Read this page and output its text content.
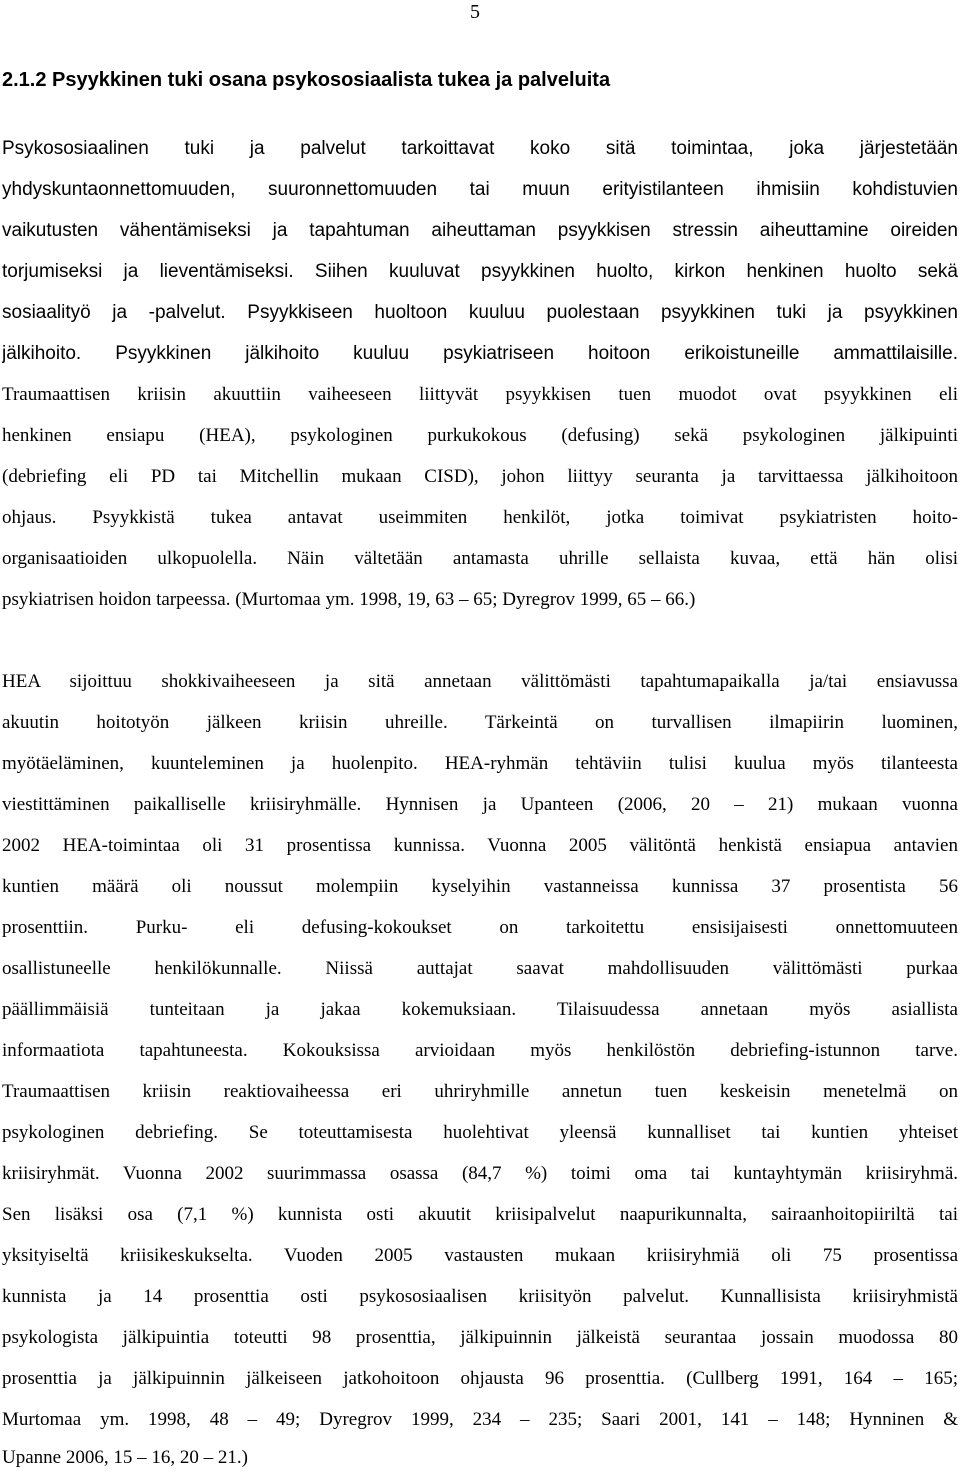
5
2.1.2 Psyykkinen tuki osana psykososiaalista tukea ja palveluita

Psykososiaalinen tuki ja palvelut tarkoittavat koko sitä toimintaa, joka järjestetään

yhdyskuntaonnettomuuden, suuronnettomuuden tai muun erityistilanteen ihmisiin kohdistuvien

vaikutusten vähentämiseksi ja tapahtuman aiheuttaman psyykkisen stressin aiheuttamine oireiden

torjumiseksi ja lieventämiseksi. Siihen kuuluvat psyykkinen huolto, kirkon henkinen huolto sekä

sosiaalityö ja -palvelut. Psyykkiseen huoltoon kuuluu puolestaan psyykkinen tuki ja psyykkinen

jälkihoito. Psyykkinen jälkihoito kuuluu psykiatriseen hoitoon erikoistuneille ammattilaisille.

Traumaattisen kriisin akuuttiin vaiheeseen liittyvät psyykkisen tuen muodot ovat psyykkinen eli

henkinen ensiapu (HEA), psykologinen purkukokous (defusing) sekä psykologinen jälkipuinti

(debriefing eli PD tai Mitchellin mukaan CISD), johon liittyy seuranta ja tarvittaessa jälkihoitoon

ohjaus. Psyykkistä tukea antavat useimmiten henkilöt, jotka toimivat psykiatristen hoito-

organisaatioiden ulkopuolella. Näin vältetään antamasta uhrille sellaista kuvaa, että hän olisi

psykiatrisen hoidon tarpeessa. (Murtomaa ym. 1998, 19, 63 – 65; Dyregrov 1999, 65 – 66.)

HEA sijoittuu shokkivaiheeseen ja sitä annetaan välittömästi tapahtumapaikalla ja/tai ensiavussa

akuutin hoitotyön jälkeen kriisin uhreille. Tärkeintä on turvallisen ilmapiirin luominen,

myötäeläminen, kuunteleminen ja huolenpito. HEA-ryhmän tehtäviin tulisi kuulua myös tilanteesta

viestittäminen paikalliselle kriisiryhmälle. Hynnisen ja Upanteen (2006, 20 – 21) mukaan vuonna

2002 HEA-toimintaa oli 31 prosentissa kunnissa. Vuonna 2005 välitöntä henkistä ensiapua antavien

kuntien määrä oli noussut molempiin kyselyihin vastanneissa kunnissa 37 prosentista 56

prosenttiin. Purku- eli defusing-kokoukset on tarkoitettu ensisijaisesti onnettomuuteen

osallistuneelle henkilökunnalle. Niissä auttajat saavat mahdollisuuden välittömästi purkaa

päällimmäisiä tunteitaan ja jakaa kokemuksiaan. Tilaisuudessa annetaan myös asiallista

informaatiota tapahtuneesta. Kokouksissa arvioidaan myös henkilöstön debriefing-istunnon tarve.

Traumaattisen kriisin reaktiovaiheessa eri uhriryhmille annetun tuen keskeisin menetelmä on

psykologinen debriefing. Se toteuttamisesta huolehtivat yleensä kunnalliset tai kuntien yhteiset

kriisiryhmät. Vuonna 2002 suurimmassa osassa (84,7 %) toimi oma tai kuntayhtymän kriisiryhmä.

Sen lisäksi osa (7,1 %) kunnista osti akuutit kriisipalvelut naapurikunnalta, sairaanhoitopiiriltä tai

yksityiseltä kriisikeskukselta. Vuoden 2005 vastausten mukaan kriisiryhmiä oli 75 prosentissa

kunnista ja 14 prosenttia osti psykososiaalisen kriisityön palvelut. Kunnallisista kriisiryhmistä

psykologista jälkipuintia toteutti 98 prosenttia, jälkipuinnin jälkeistä seurantaa jossain muodossa 80

prosenttia ja jälkipuinnin jälkeiseen jatkohoitoon ohjausta 96 prosenttia. (Cullberg 1991, 164 – 165;

Murtomaa ym. 1998, 48 – 49; Dyregrov 1999, 234 – 235; Saari 2001, 141 – 148; Hynninen &

Upanne 2006, 15 – 16, 20 – 21.)
